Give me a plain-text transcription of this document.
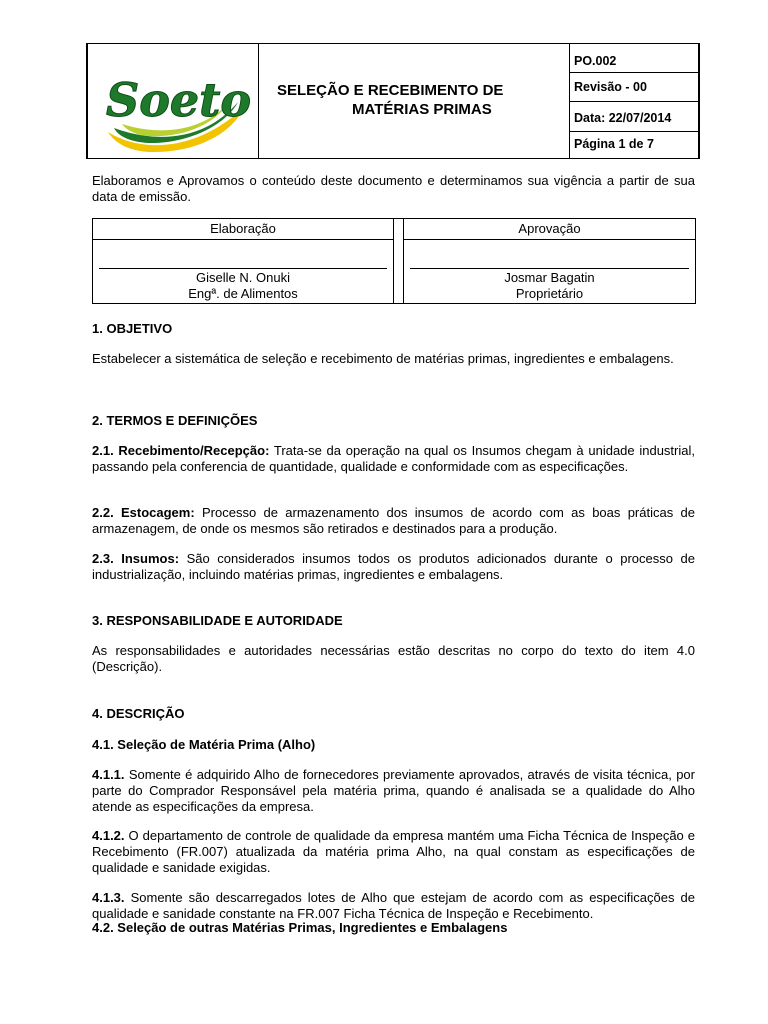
Soeto SELEÇÃO E RECEBIMENTO DE
MATÉRIAS PRIMAS
PO.002
Revisão - 00
Data: 22/07/2014
Página 1 de 7

Elaboramos e Aprovamos o conteúdo deste documento e determinamos sua vigência a partir de sua data de emissão.

Elaboração
Giselle N. Onuki
Engª. de Alimentos
Aprovação
Josmar Bagatin
Proprietário
1. OBJETIVO

Estabelecer a sistemática de seleção e recebimento de matérias primas, ingredientes e embalagens.

2. TERMOS E DEFINIÇÕES

2.1. Recebimento/Recepção: Trata-se da operação na qual os Insumos chegam à unidade industrial, passando pela conferencia de quantidade, qualidade e conformidade com as especificações.

2.2. Estocagem: Processo de armazenamento dos insumos de acordo com as boas práticas de armazenagem, de onde os mesmos são retirados e destinados para a produção.

2.3. Insumos: São considerados insumos todos os produtos adicionados durante o processo de industrialização, incluindo matérias primas, ingredientes e embalagens.

3. RESPONSABILIDADE E AUTORIDADE

As responsabilidades e autoridades necessárias estão descritas no corpo do texto do item 4.0 (Descrição).

4. DESCRIÇÃO
4.1. Seleção de Matéria Prima (Alho)

4.1.1. Somente é adquirido Alho de fornecedores previamente aprovados, através de visita técnica, por parte do Comprador Responsável pela matéria prima, quando é analisada se a qualidade do Alho atende as especificações da empresa.

4.1.2. O departamento de controle de qualidade da empresa mantém uma Ficha Técnica de Inspeção e Recebimento (FR.007) atualizada da matéria prima Alho, na qual constam as especificações de qualidade e sanidade exigidas.

4.1.3. Somente são descarregados lotes de Alho que estejam de acordo com as especificações de qualidade e sanidade constante na FR.007 Ficha Técnica de Inspeção e Recebimento.

4.2. Seleção de outras Matérias Primas, Ingredientes e Embalagens
